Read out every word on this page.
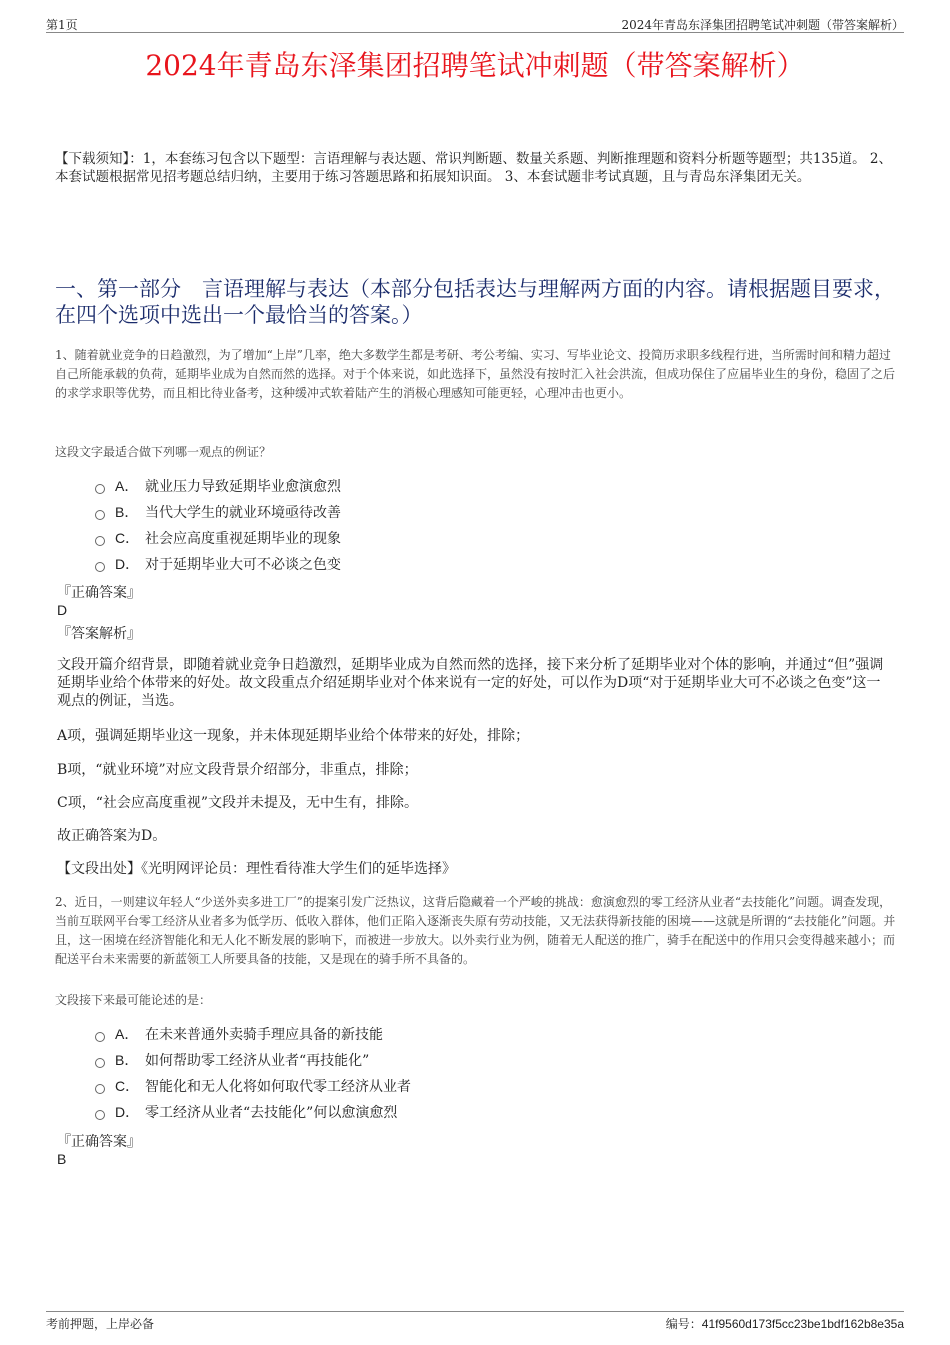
第1页	2024年青岛东泽集团招聘笔试冲刺题（带答案解析）
2024年青岛东泽集团招聘笔试冲刺题（带答案解析）
【下载须知】：1，本套练习包含以下题型：言语理解与表达题、常识判断题、数量关系题、判断推理题和资料分析题等题型；共135道。 2、本套试题根据常见招考题总结归纳，主要用于练习答题思路和拓展知识面。 3、本套试题非考试真题，且与青岛东泽集团无关。
一、第一部分　言语理解与表达（本部分包括表达与理解两方面的内容。请根据题目要求，在四个选项中选出一个最恰当的答案。）
1、随着就业竞争的日趋激烈，为了增加“上岸”几率，绝大多数学生都是考研、考公考编、实习、写毕业论文、投简历求职多线程行进，当所需时间和精力超过自己所能承载的负荷，延期毕业成为自然而然的选择。对于个体来说，如此选择下，虽然没有按时汇入社会洪流，但成功保住了应届毕业生的身份，稳固了之后的求学求职等优势，而且相比待业备考，这种缓冲式软着陆产生的消极心理感知可能更轻，心理冲击也更小。
这段文字最适合做下列哪一观点的例证？
A． 就业压力导致延期毕业愈演愈烈
B． 当代大学生的就业环境亟待改善
C． 社会应高度重视延期毕业的现象
D． 对于延期毕业大可不必谈之色变
『正确答案』
D
『答案解析』
文段开篇介绍背景，即随着就业竞争日趋激烈，延期毕业成为自然而然的选择，接下来分析了延期毕业对个体的影响，并通过“但”强调延期毕业给个体带来的好处。故文段重点介绍延期毕业对个体来说有一定的好处，可以作为D项“对于延期毕业大可不必谈之色变”这一观点的例证，当选。
A项，强调延期毕业这一现象，并未体现延期毕业给个体带来的好处，排除；
B项，“就业环境”对应文段背景介绍部分，非重点，排除；
C项，“社会应高度重视”文段并未提及，无中生有，排除。
故正确答案为D。
【文段出处】《光明网评论员：理性看待准大学生们的延毕选择》
2、近日，一则建议年轻人“少送外卖多进工厂”的提案引发广泛热议，这背后隐藏着一个严峻的挑战：愈演愈烈的零工经济从业者“去技能化”问题。调查发现，当前互联网平台零工经济从业者多为低学历、低收入群体，他们正陷入逐渐丧失原有劳动技能，又无法获得新技能的困境——这就是所谓的“去技能化”问题。并且，这一困境在经济智能化和无人化不断发展的影响下，而被进一步放大。以外卖行业为例，随着无人配送的推广，骑手在配送中的作用只会变得越来越小；而配送平台未来需要的新蓝领工人所要具备的技能，又是现在的骑手所不具备的。
文段接下来最可能论述的是：
A． 在未来普通外卖骑手理应具备的新技能
B． 如何帮助零工经济从业者“再技能化”
C． 智能化和无人化将如何取代零工经济从业者
D． 零工经济从业者“去技能化”何以愈演愈烈
『正确答案』
B
考前押题，上岸必备	编号：41f9560d173f5cc23be1bdf162b8e35a
